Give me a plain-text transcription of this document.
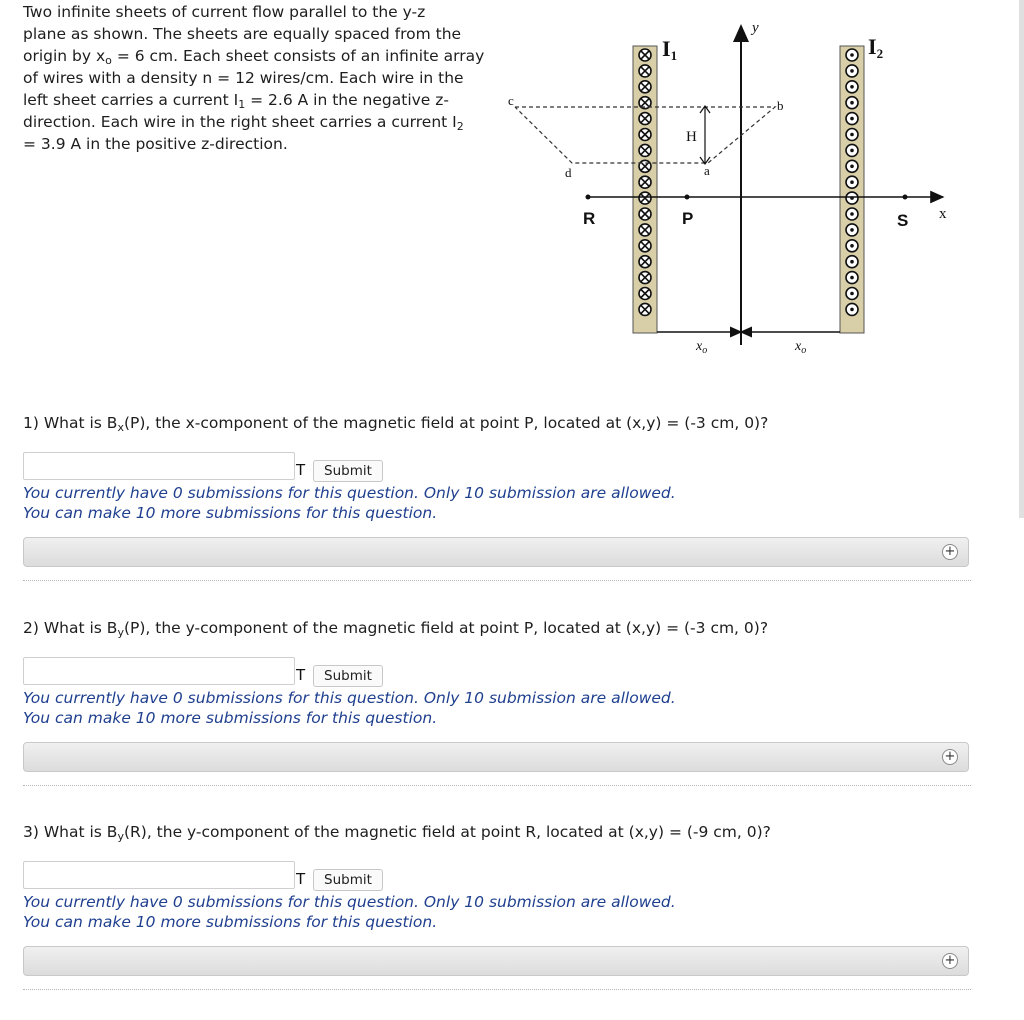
Two infinite sheets of current flow parallel to the y-z
plane as shown. The sheets are equally spaced from the
origin by $x_o = 6$ cm. Each sheet consists of an infinite array
of wires with a density n = 12 wires/cm. Each wire in the
left sheet carries a current $I_1 = 2.6$ A in the negative z-
direction. Each wire in the right sheet carries a current $I_2$
= 3.9 A in the positive z-direction.
I1	I2
y
x
H
a
b
c
d
R	P	S
$x_o$	$x_o$
1) What is $B_x(P)$, the x-component of the magnetic field at point P, located at (x,y) = (-3 cm, 0)?
T	Submit
You currently have 0 submissions for this question. Only 10 submission are allowed.
You can make 10 more submissions for this question.
+
2) What is $B_y(P)$, the y-component of the magnetic field at point P, located at (x,y) = (-3 cm, 0)?
T	Submit
You currently have 0 submissions for this question. Only 10 submission are allowed.
You can make 10 more submissions for this question.
+
3) What is $B_y(R)$, the y-component of the magnetic field at point R, located at (x,y) = (-9 cm, 0)?
T	Submit
You currently have 0 submissions for this question. Only 10 submission are allowed.
You can make 10 more submissions for this question.
+
